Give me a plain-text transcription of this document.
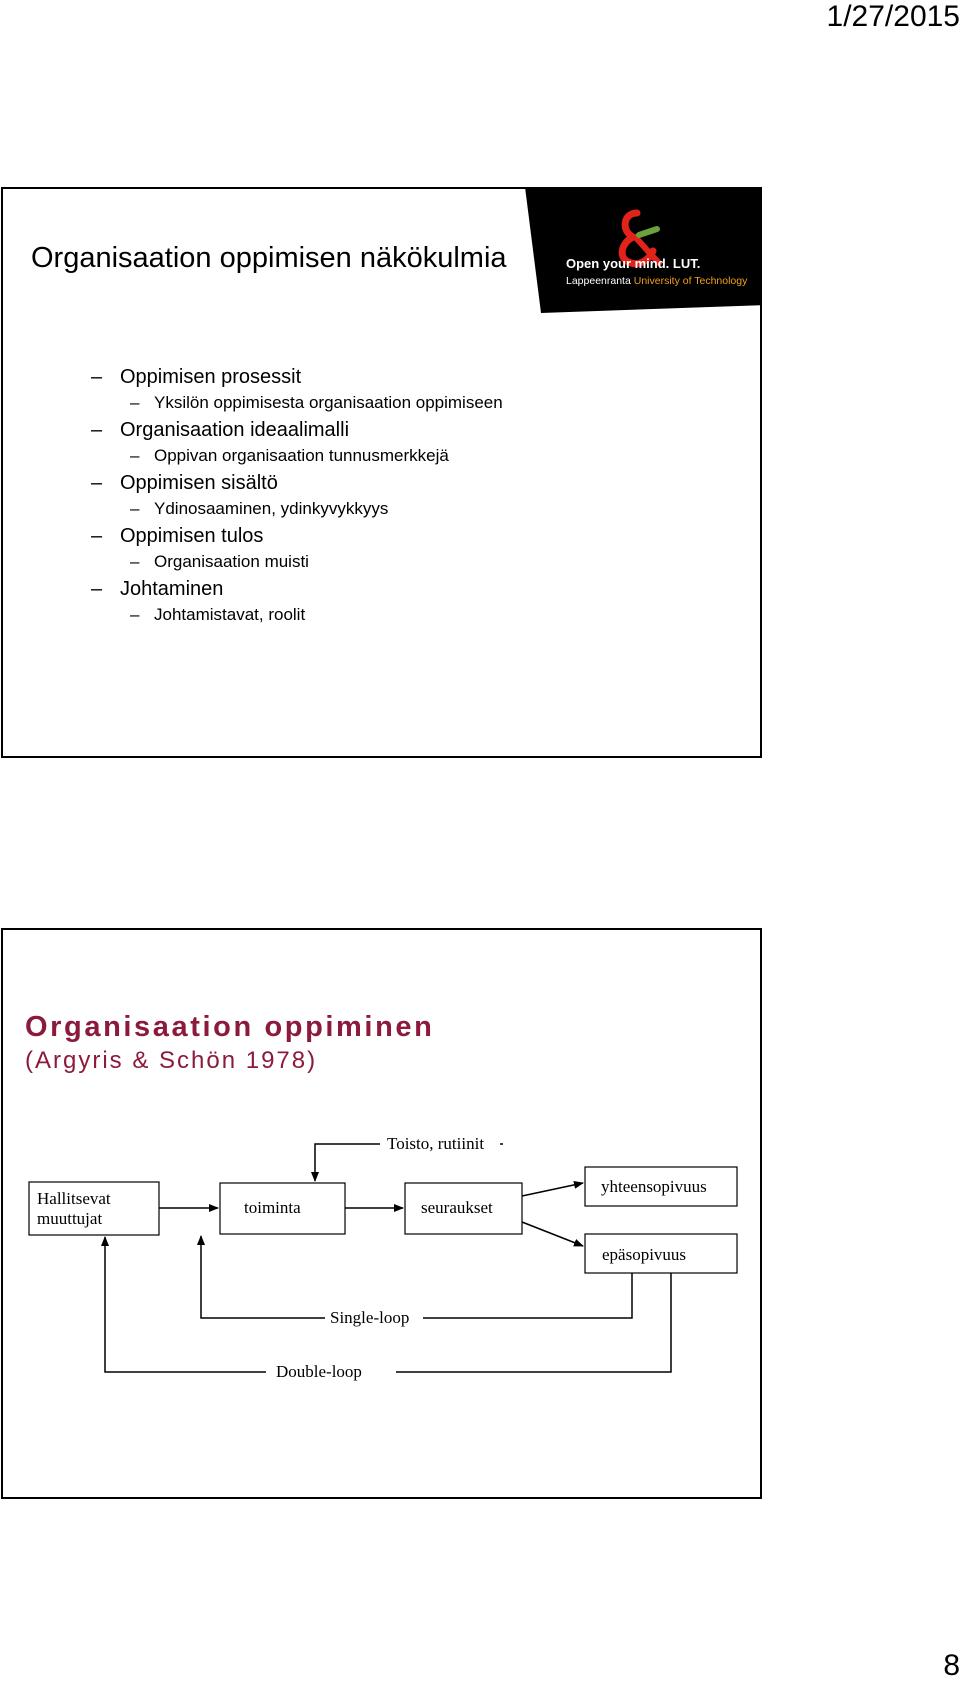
1/27/2015
Organisaation oppimisen näkökulmia	Open your mind. LUT.
Lappeenranta University of Technology
– Oppimisen prosessit
– Yksilön oppimisesta organisaation oppimiseen
– Organisaation ideaalimalli
– Oppivan organisaation tunnusmerkkejä
– Oppimisen sisältö
– Ydinosaaminen, ydinkyvykkyys
– Oppimisen tulos
– Organisaation muisti
– Johtaminen
– Johtamistavat, roolit
Organisaation oppiminen
(Argyris & Schön 1978)
Hallitsevat
muuttujat
toiminta	seuraukset
yhteensopivuus
epäsopivuus
Toisto, rutiinit
Single-loop
Double-loop
8
